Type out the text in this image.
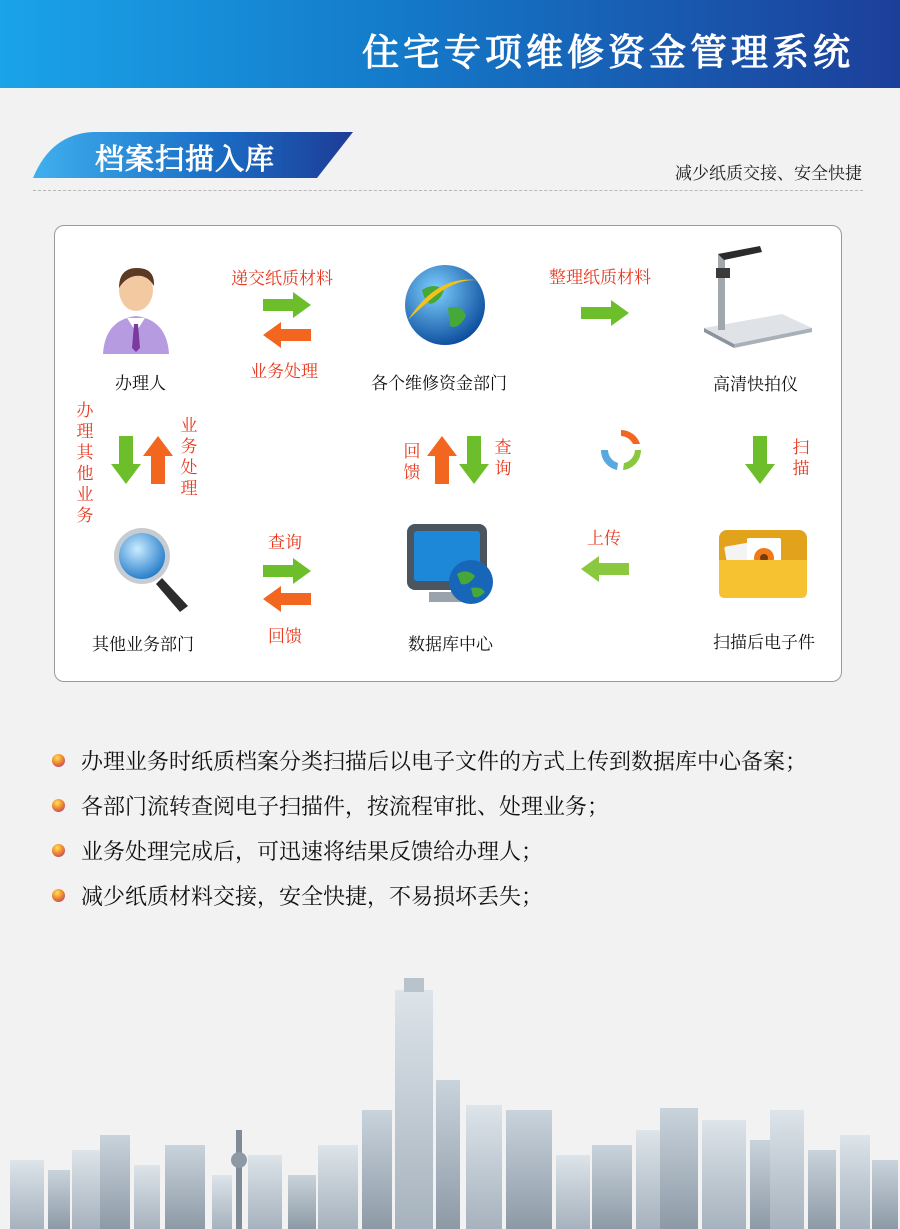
住宅专项维修资金管理系统
档案扫描入库	减少纸质交接、安全快捷
办理人
递交纸质材料
业务处理
各个维修资金部门
整理纸质材料
高清快拍仪
办
理
其
他
业
务
业
务
处
理
回
馈
查
询
扫
描
其他业务部门
查询
回馈	数据库中心
上传
扫描后电子件
办理业务时纸质档案分类扫描后以电子文件的方式上传到数据库中心备案；
各部门流转查阅电子扫描件，按流程审批、处理业务；
业务处理完成后，可迅速将结果反馈给办理人；
减少纸质材料交接，安全快捷，不易损坏丢失；
